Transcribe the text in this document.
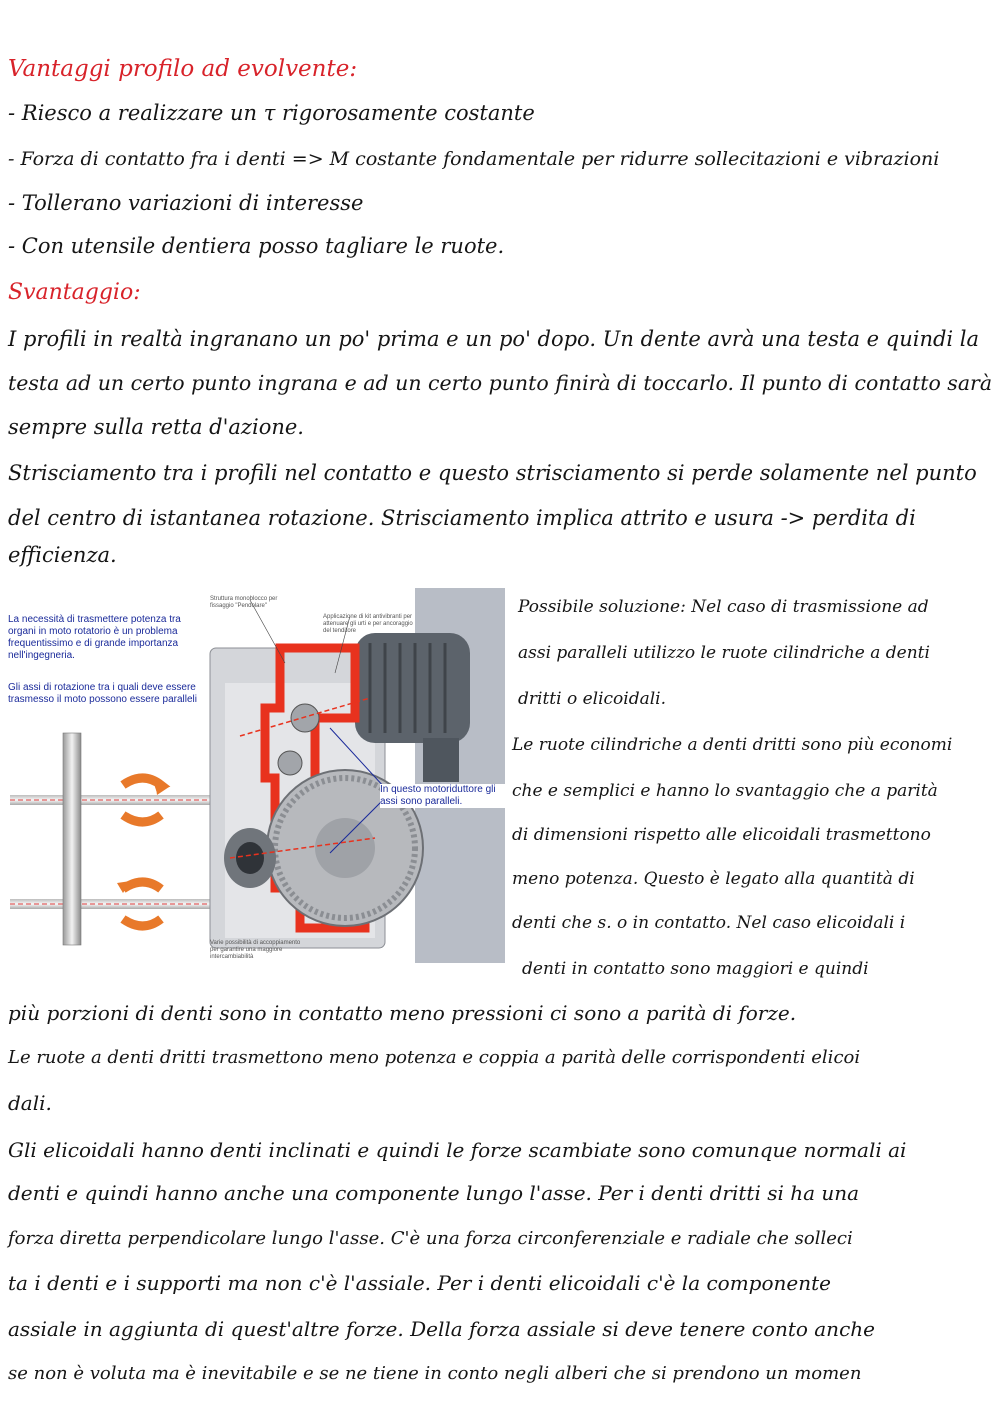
Vantaggi profilo ad evolvente:
- Riesco a realizzare un τ rigorosamente costante
- Forza di contatto fra i denti => M costante fondamentale per ridurre sollecitazioni e vibrazioni
- Tollerano variazioni di interesse
- Con utensile dentiera posso tagliare le ruote.
Svantaggio:
I profili in realtà ingranano un po' prima e un po' dopo. Un dente avrà una testa e quindi la
testa ad un certo punto ingrana e ad un certo punto finirà di toccarlo. Il punto di contatto sarà
sempre sulla retta d'azione.
Strisciamento tra i profili nel contatto e questo strisciamento si perde solamente nel punto
del centro di istantanea rotazione. Strisciamento implica attrito e usura -> perdita di
efficienza.
La necessità di trasmettere potenza tra organi in moto rotatorio è un problema frequentissimo e di grande importanza nell'ingegneria.
Gli assi di rotazione tra i quali deve essere trasmesso il moto possono essere paralleli
Struttura monoblocco per fissaggio "Pendolare"
Applicazione di kit antivibranti per attenuare gli urti e per ancoraggio del tenditore
Varie possibilità di accoppiamento per garantire una maggiore intercambiabilità
In questo motoriduttore gli assi sono paralleli.
Possibile soluzione: Nel caso di trasmissione ad
assi paralleli utilizzo le ruote cilindriche a denti
dritti o elicoidali.
Le ruote cilindriche a denti dritti sono più economi
che e semplici e hanno lo svantaggio che a parità
di dimensioni rispetto alle elicoidali trasmettono
meno potenza. Questo è legato alla quantità di
denti che s. o in contatto. Nel caso elicoidali i
denti in contatto sono maggiori e quindi
più porzioni di denti sono in contatto meno pressioni ci sono a parità di forze.
Le ruote a denti dritti trasmettono meno potenza e coppia a parità delle corrispondenti elicoi
dali.
Gli elicoidali hanno denti inclinati e quindi le forze scambiate sono comunque normali ai
denti e quindi hanno anche una componente lungo l'asse. Per i denti dritti si ha una
forza diretta perpendicolare lungo l'asse. C'è una forza circonferenziale e radiale che solleci
ta i denti e i supporti ma non c'è l'assiale. Per i denti elicoidali c'è la componente
assiale in aggiunta di quest'altre forze. Della forza assiale si deve tenere conto anche
se non è voluta ma è inevitabile e se ne tiene in conto negli alberi che si prendono un momen
